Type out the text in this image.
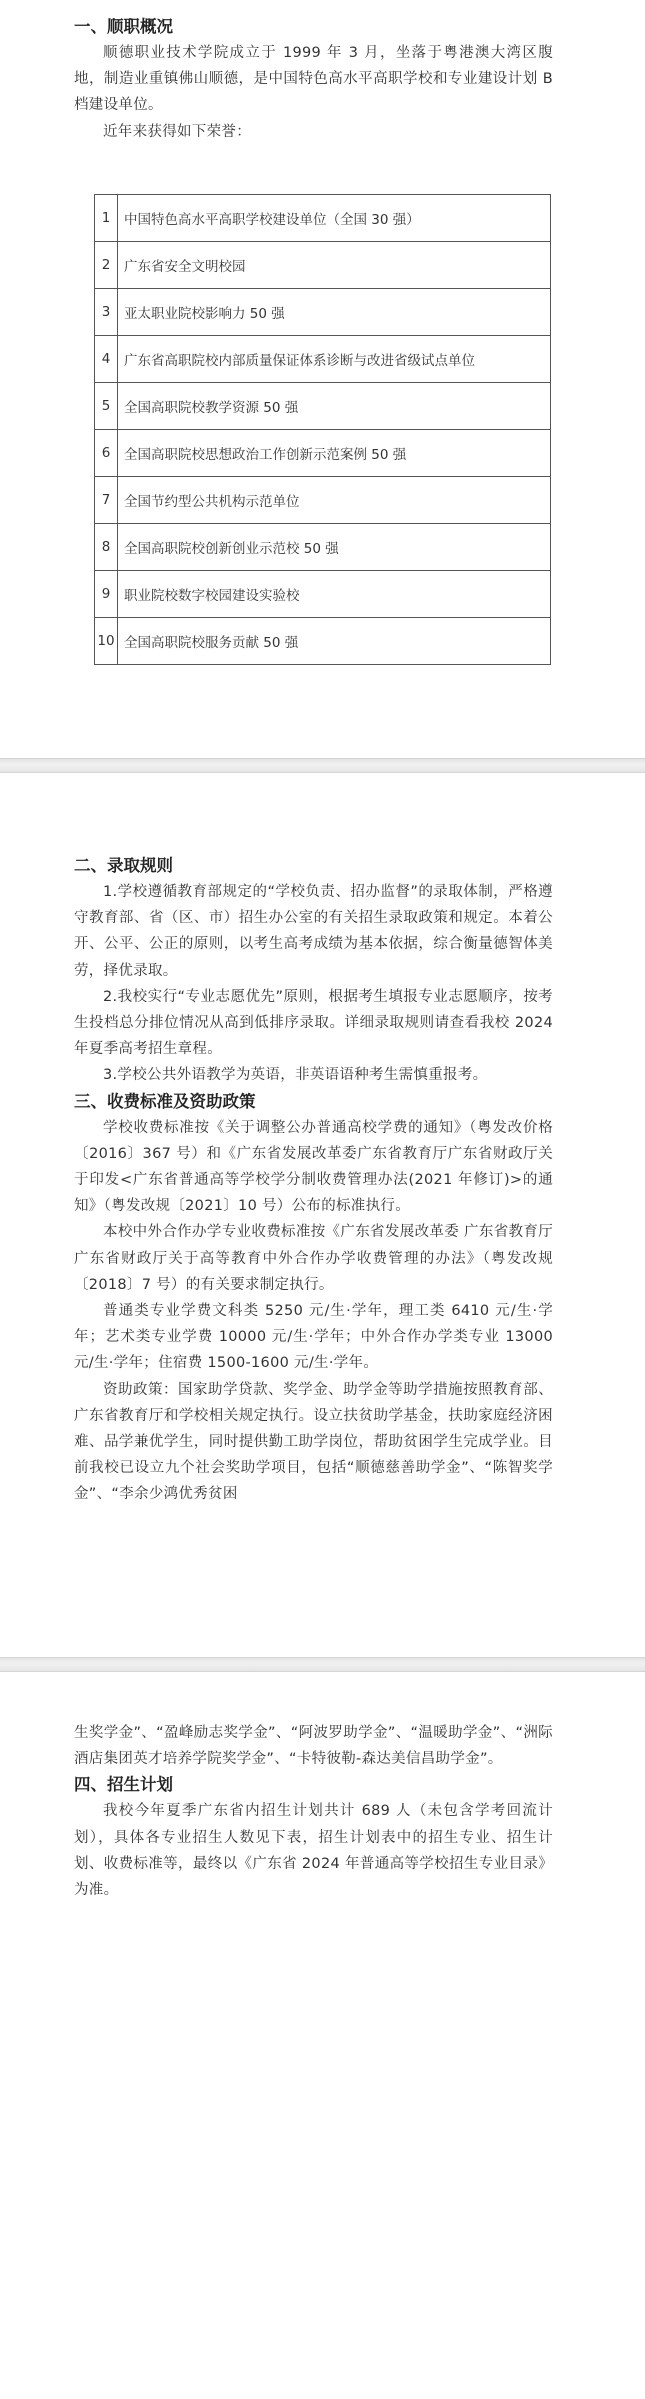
一、顺职概况

顺德职业技术学院成立于 1999 年 3 月，坐落于粤港澳大湾区腹地，制造业重镇佛山顺德，是中国特色高水平高职学校和专业建设计划 B 档建设单位。

近年来获得如下荣誉：

1	中国特色高水平高职学校建设单位（全国 30 强）
2	广东省安全文明校园
3	亚太职业院校影响力 50 强
4	广东省高职院校内部质量保证体系诊断与改进省级试点单位
5	全国高职院校教学资源 50 强
6	全国高职院校思想政治工作创新示范案例 50 强
7	全国节约型公共机构示范单位
8	全国高职院校创新创业示范校 50 强
9	职业院校数字校园建设实验校
10	全国高职院校服务贡献 50 强
二、录取规则

1.学校遵循教育部规定的“学校负责、招办监督”的录取体制，严格遵守教育部、省（区、市）招生办公室的有关招生录取政策和规定。本着公开、公平、公正的原则，以考生高考成绩为基本依据，综合衡量德智体美劳，择优录取。

2.我校实行“专业志愿优先”原则，根据考生填报专业志愿顺序，按考生投档总分排位情况从高到低排序录取。详细录取规则请查看我校 2024 年夏季高考招生章程。

3.学校公共外语教学为英语，非英语语种考生需慎重报考。

三、收费标准及资助政策

学校收费标准按《关于调整公办普通高校学费的通知》（粤发改价格〔2016〕367 号）和《广东省发展改革委广东省教育厅广东省财政厅关于印发<广东省普通高等学校学分制收费管理办法(2021 年修订)>的通知》（粤发改规〔2021〕10 号）公布的标准执行。

本校中外合作办学专业收费标准按《广东省发展改革委 广东省教育厅 广东省财政厅关于高等教育中外合作办学收费管理的办法》（粤发改规〔2018〕7 号）的有关要求制定执行。

普通类专业学费文科类 5250 元/生·学年，理工类 6410 元/生·学年；艺术类专业学费 10000 元/生·学年；中外合作办学类专业 13000 元/生·学年；住宿费 1500-1600 元/生·学年。

资助政策：国家助学贷款、奖学金、助学金等助学措施按照教育部、广东省教育厅和学校相关规定执行。设立扶贫助学基金，扶助家庭经济困难、品学兼优学生，同时提供勤工助学岗位，帮助贫困学生完成学业。目前我校已设立九个社会奖助学项目，包括“顺德慈善助学金”、“陈智奖学金”、“李余少鸿优秀贫困

生奖学金”、“盈峰励志奖学金”、“阿波罗助学金”、“温暖助学金”、“洲际酒店集团英才培养学院奖学金”、“卡特彼勒-森达美信昌助学金”。

四、招生计划

我校今年夏季广东省内招生计划共计 689 人（未包含学考回流计划），具体各专业招生人数见下表，招生计划表中的招生专业、招生计划、收费标准等，最终以《广东省 2024 年普通高等学校招生专业目录》为准。
